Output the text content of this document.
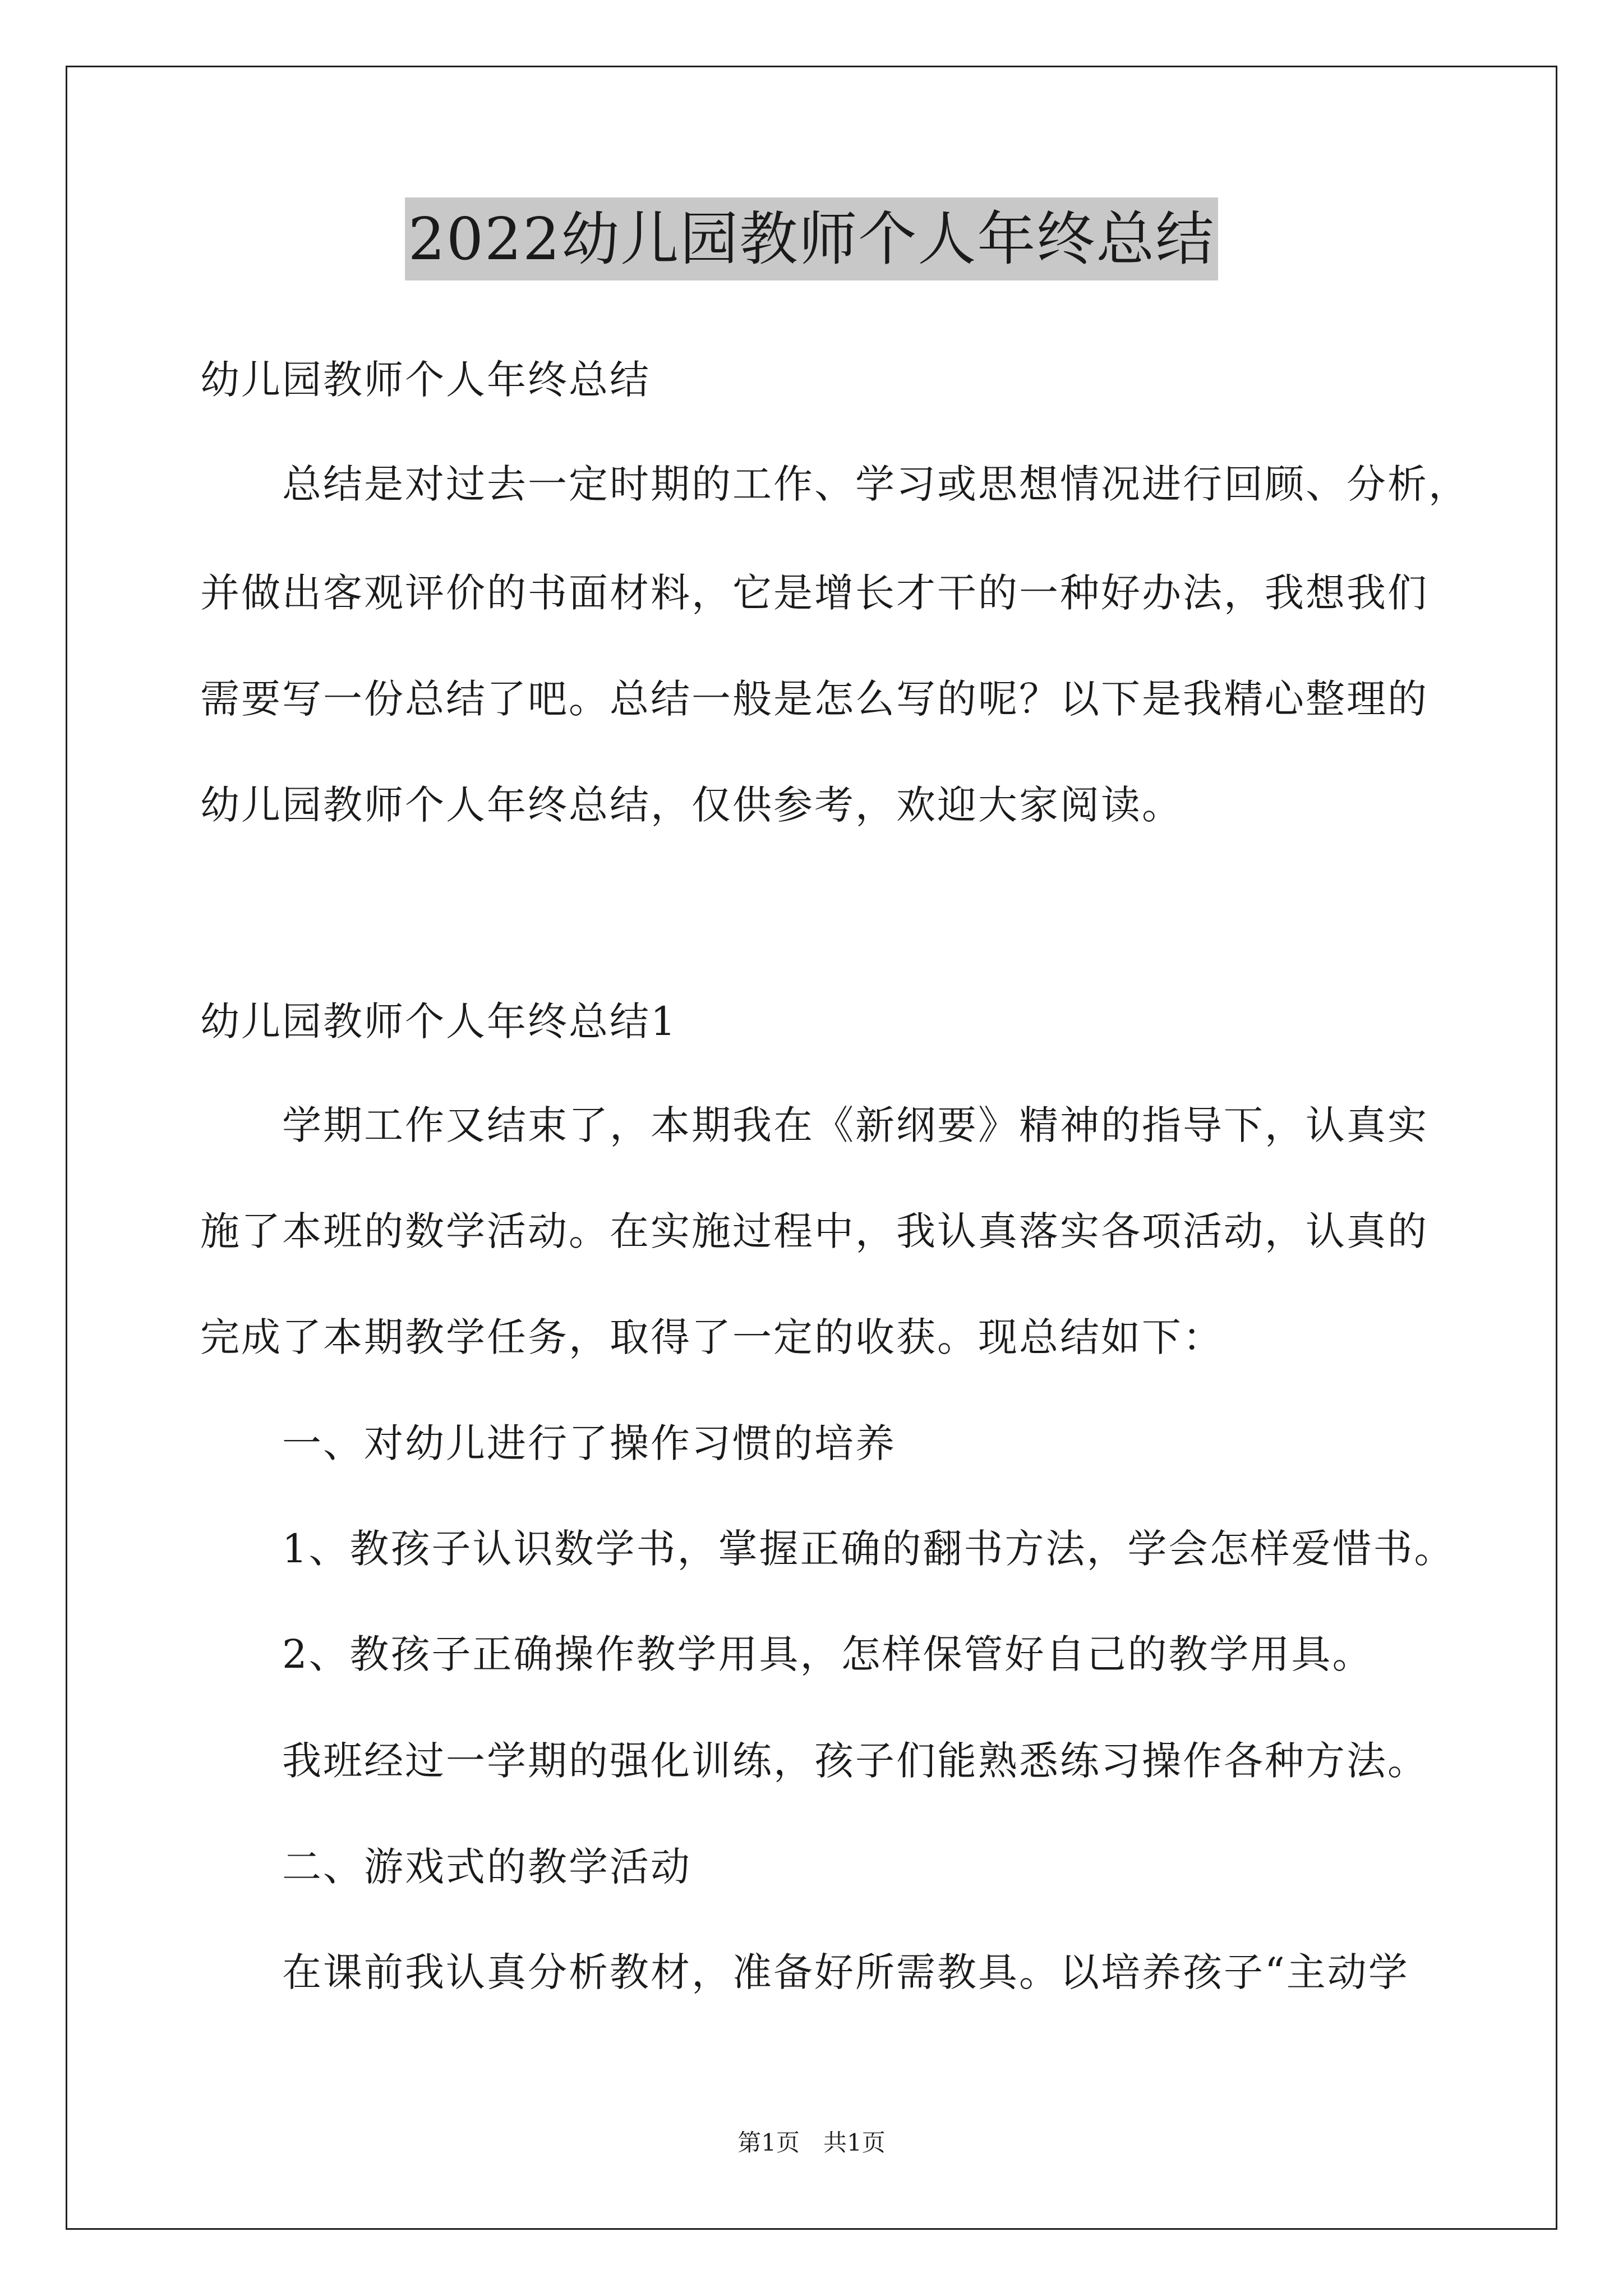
2022幼儿园教师个人年终总结
幼儿园教师个人年终总结
总结是对过去一定时期的工作、学习或思想情况进行回顾、分析，
并做出客观评价的书面材料，它是增长才干的一种好办法，我想我们
需要写一份总结了吧。总结一般是怎么写的呢？以下是我精心整理的
幼儿园教师个人年终总结，仅供参考，欢迎大家阅读。
幼儿园教师个人年终总结1
学期工作又结束了，本期我在《新纲要》精神的指导下，认真实
施了本班的数学活动。在实施过程中，我认真落实各项活动，认真的
完成了本期教学任务，取得了一定的收获。现总结如下：
一、对幼儿进行了操作习惯的培养
1、教孩子认识数学书，掌握正确的翻书方法，学会怎样爱惜书。
2、教孩子正确操作教学用具，怎样保管好自己的教学用具。
我班经过一学期的强化训练，孩子们能熟悉练习操作各种方法。
二、游戏式的教学活动
在课前我认真分析教材，准备好所需教具。以培养孩子“主动学
第1页　共1页
